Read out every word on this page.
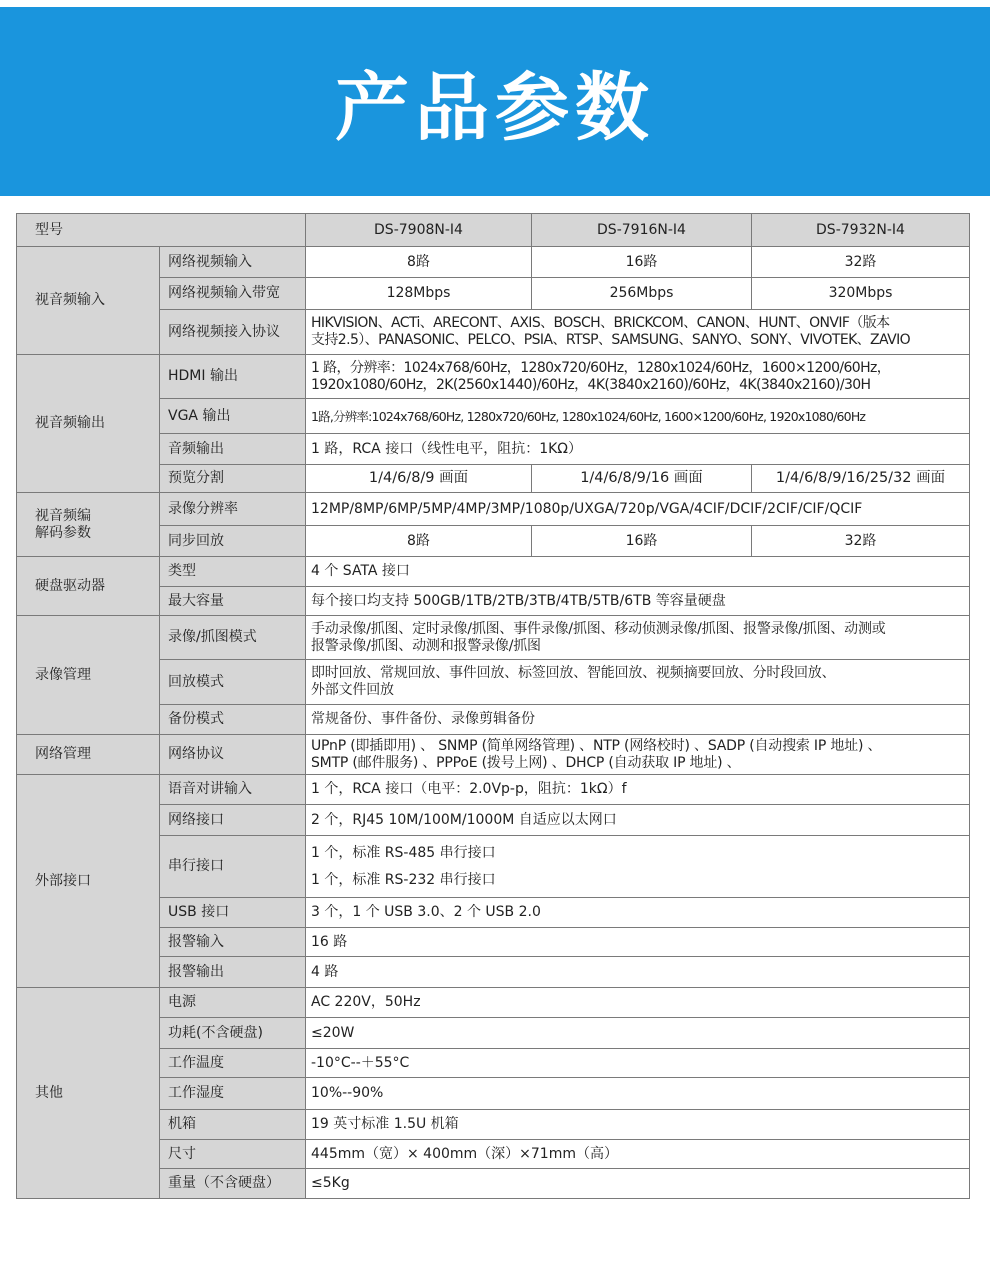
产品参数
型号		DS-7908N-I4	DS-7916N-I4	DS-7932N-I4
视音频输入	网络视频输入	8路	16路	32路
	网络视频输入带宽	128Mbps	256Mbps	320Mbps
	网络视频接入协议	HIKVISION、ACTi、ARECONT、AXIS、BOSCH、BRICKCOM、CANON、HUNT、ONVIF（版本
支持2.5）、PANASONIC、PELCO、PSIA、RTSP、SAMSUNG、SANYO、SONY、VIVOTEK、ZAVIO		

视音频输出	HDMI 输出	1 路，分辨率：1024x768/60Hz，1280x720/60Hz，1280x1024/60Hz，1600×1200/60Hz，
1920x1080/60Hz，2K(2560x1440)/60Hz，4K(3840x2160)/60Hz，4K(3840x2160)/30H		

	VGA 输出	1路,分辨率:1024x768/60Hz, 1280x720/60Hz, 1280x1024/60Hz, 1600×1200/60Hz, 1920x1080/60Hz		
	音频输出	1 路，RCA 接口（线性电平，阻抗：1KΩ）		
	预览分割	1/4/6/8/9 画面	1/4/6/8/9/16 画面	1/4/6/8/9/16/25/32 画面

视音频编
解码参数	录像分辨率	12MP/8MP/6MP/5MP/4MP/3MP/1080p/UXGA/720p/VGA/4CIF/DCIF/2CIF/CIF/QCIF		
	同步回放	8路	16路	32路
硬盘驱动器	类型	4 个 SATA 接口		
	最大容量	每个接口均支持 500GB/1TB/2TB/3TB/4TB/5TB/6TB 等容量硬盘		
录像管理	录像/抓图模式	手动录像/抓图、定时录像/抓图、事件录像/抓图、移动侦测录像/抓图、报警录像/抓图、动测或
报警录像/抓图、动测和报警录像/抓图		

	回放模式	即时回放、常规回放、事件回放、标签回放、智能回放、视频摘要回放、分时段回放、
外部文件回放		

	备份模式	常规备份、事件备份、录像剪辑备份		
网络管理	网络协议	UPnP (即插即用) 、 SNMP (简单网络管理) 、NTP (网络校时) 、SADP (自动搜索 IP 地址) 、
SMTP (邮件服务) 、PPPoE (拨号上网) 、DHCP (自动获取 IP 地址) 、		

外部接口	语音对讲输入	1 个，RCA 接口（电平：2.0Vp-p，阻抗：1kΩ）f		
	网络接口	2 个，RJ45 10M/100M/1000M 自适应以太网口		
	串行接口	1 个，标准 RS-485 串行接口
1 个，标准 RS-232 串行接口		

	USB 接口	3 个，1 个 USB 3.0、2 个 USB 2.0		
	报警输入	16 路		
	报警输出	4 路		
其他	电源	AC 220V，50Hz		
	功耗(不含硬盘)	≤20W		
	工作温度	-10°C--＋55°C		
	工作湿度	10%--90%		
	机箱	19 英寸标准 1.5U 机箱		
	尺寸	445mm（宽）× 400mm（深）×71mm（高）		
	重量（不含硬盘）	≤5Kg		
